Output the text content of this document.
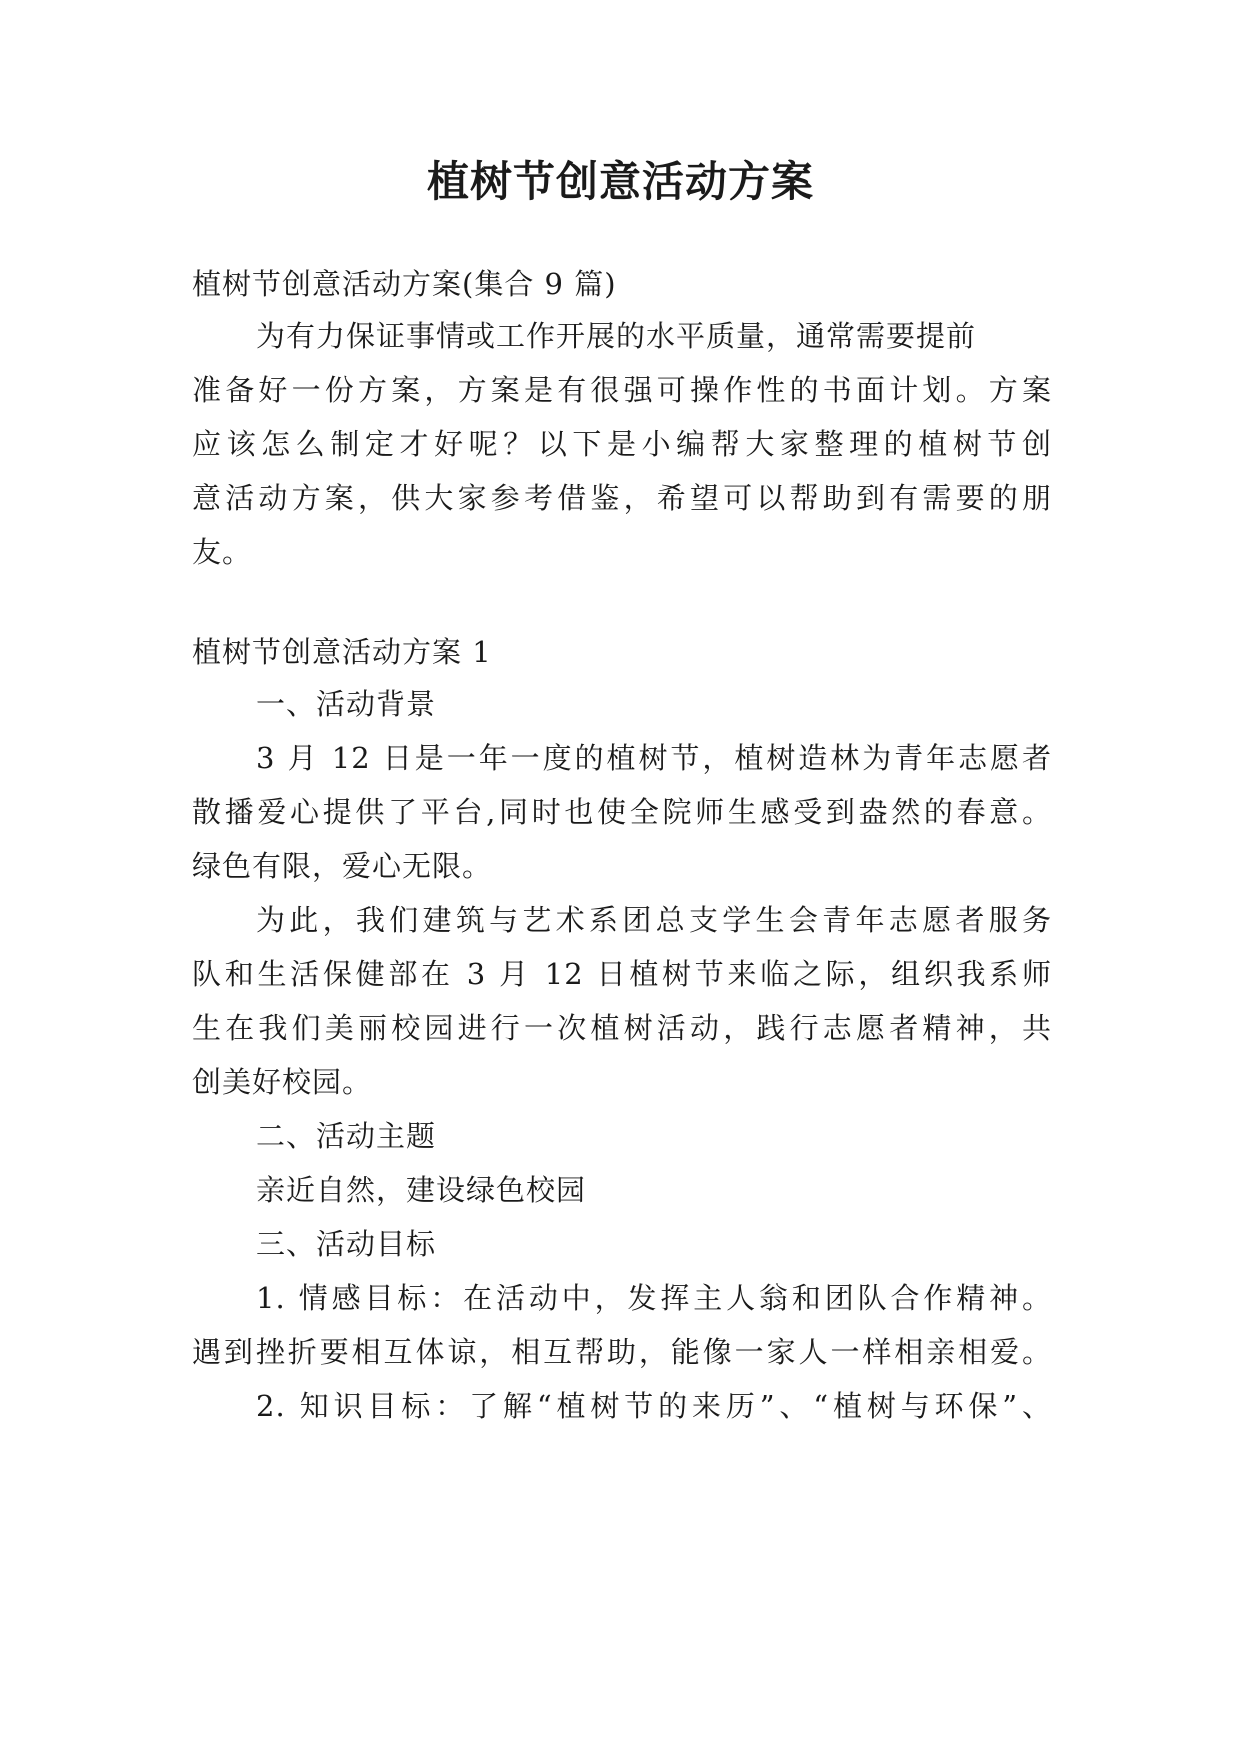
植树节创意活动方案
植树节创意活动方案(集合 9 篇)
为有力保证事情或工作开展的水平质量，通常需要提前
准备好一份方案，方案是有很强可操作性的书面计划。方案
应该怎么制定才好呢？以下是小编帮大家整理的植树节创
意活动方案，供大家参考借鉴，希望可以帮助到有需要的朋
友。
植树节创意活动方案 1
一、活动背景
3 月 12 日是一年一度的植树节，植树造林为青年志愿者
散播爱心提供了平台,同时也使全院师生感受到盎然的春意。
绿色有限，爱心无限。
为此，我们建筑与艺术系团总支学生会青年志愿者服务
队和生活保健部在 3 月 12 日植树节来临之际，组织我系师
生在我们美丽校园进行一次植树活动，践行志愿者精神，共
创美好校园。
二、活动主题
亲近自然，建设绿色校园
三、活动目标
1. 情感目标：在活动中，发挥主人翁和团队合作精神。
遇到挫折要相互体谅，相互帮助，能像一家人一样相亲相爱。
2. 知识目标：了解“植树节的来历”、“植树与环保”、
